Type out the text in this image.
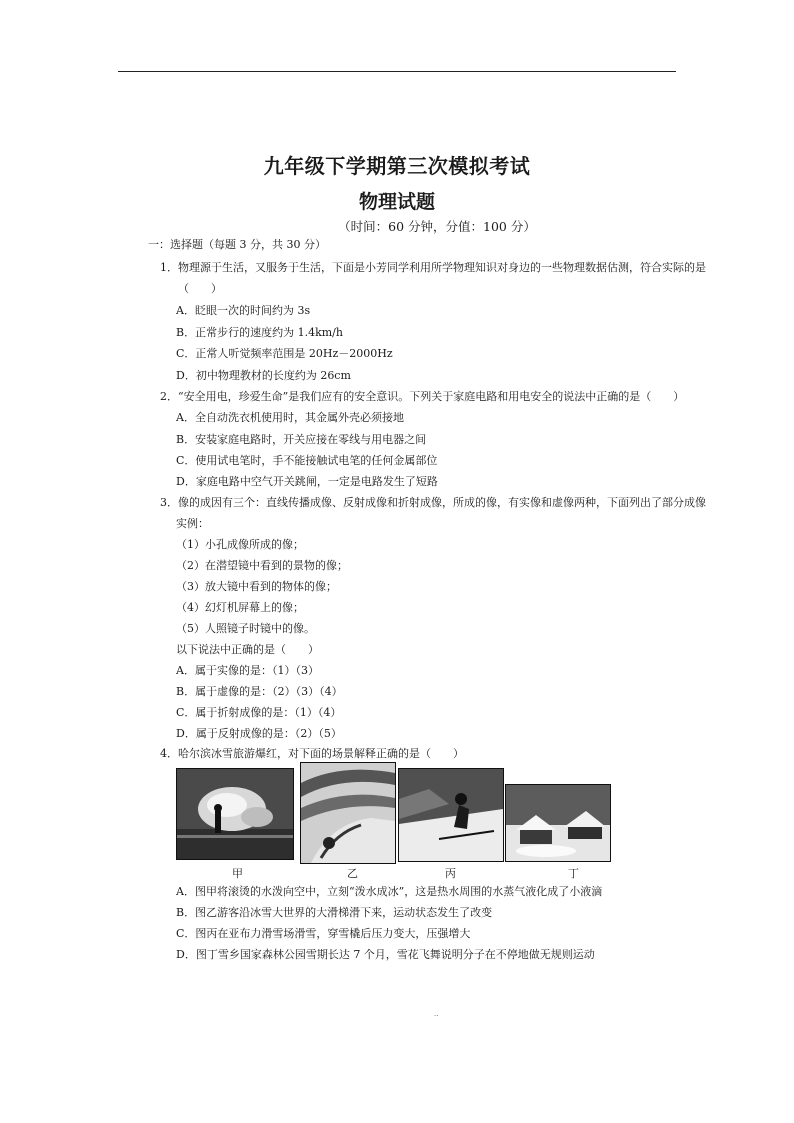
九年级下学期第三次模拟考试
物理试题
（时间：60 分钟，分值：100 分）
一：选择题（每题 3 分，共 30 分）
1．物理源于生活，又服务于生活，下面是小芳同学利用所学物理知识对身边的一些物理数据估测，符合实际的是
（　　）
A．眨眼一次的时间约为 3s
B．正常步行的速度约为 1.4km/h
C．正常人听觉频率范围是 20Hz－2000Hz
D．初中物理教材的长度约为 26cm
2．“安全用电，珍爱生命”是我们应有的安全意识。下列关于家庭电路和用电安全的说法中正确的是（　　）
A．全自动洗衣机使用时，其金属外壳必须接地
B．安装家庭电路时，开关应接在零线与用电器之间
C．使用试电笔时，手不能接触试电笔的任何金属部位
D．家庭电路中空气开关跳闸，一定是电路发生了短路
3．像的成因有三个：直线传播成像、反射成像和折射成像，所成的像，有实像和虚像两种，下面列出了部分成像
实例：
（1）小孔成像所成的像；
（2）在潜望镜中看到的景物的像；
（3）放大镜中看到的物体的像；
（4）幻灯机屏幕上的像；
（5）人照镜子时镜中的像。
以下说法中正确的是（　　）
A．属于实像的是：（1）（3）
B．属于虚像的是：（2）（3）（4）
C．属于折射成像的是：（1）（4）
D．属于反射成像的是：（2）（5）
4．哈尔滨冰雪旅游爆红，对下面的场景解释正确的是（　　）
甲	乙	丙	丁
A．图甲将滚烫的水泼向空中，立刻“泼水成冰”，这是热水周围的水蒸气液化成了小液滴
B．图乙游客沿冰雪大世界的大滑梯滑下来，运动状态发生了改变
C．图丙在亚布力滑雪场滑雪，穿雪橇后压力变大，压强增大
D．图丁雪乡国家森林公园雪期长达 7 个月，雪花飞舞说明分子在不停地做无规则运动
··
